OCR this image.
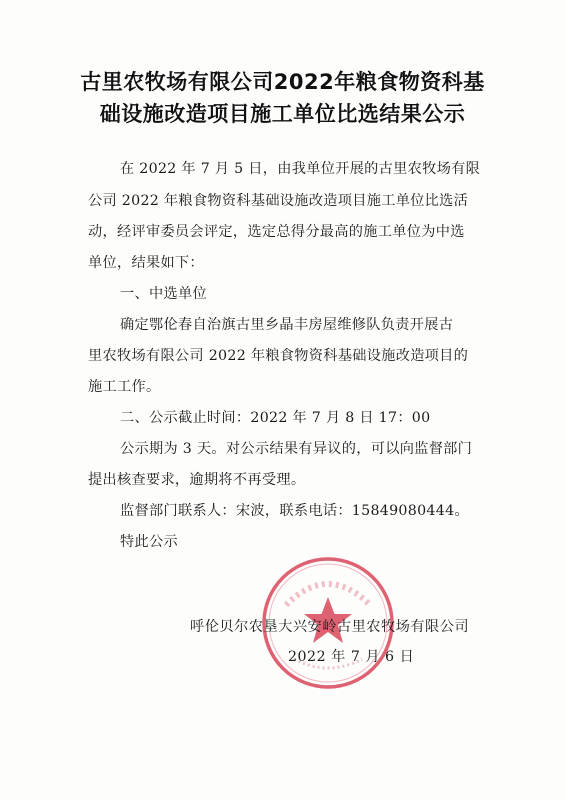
古里农牧场有限公司2022年粮食物资科基
础设施改造项目施工单位比选结果公示
在 2022 年 7 月 5 日，由我单位开展的古里农牧场有限
公司 2022 年粮食物资科基础设施改造项目施工单位比选活
动，经评审委员会评定，选定总得分最高的施工单位为中选
单位，结果如下：
一、中选单位
确定鄂伦春自治旗古里乡晶丰房屋维修队负责开展古
里农牧场有限公司 2022 年粮食物资科基础设施改造项目的
施工工作。
二、公示截止时间：2022 年 7 月 8 日 17：00
公示期为 3 天。对公示结果有异议的，可以向监督部门
提出核查要求，逾期将不再受理。
监督部门联系人：宋波，联系电话：15849080444。
特此公示
呼伦贝尔农垦大兴安岭古里农牧场有限公司
2022 年 7 月 6 日
